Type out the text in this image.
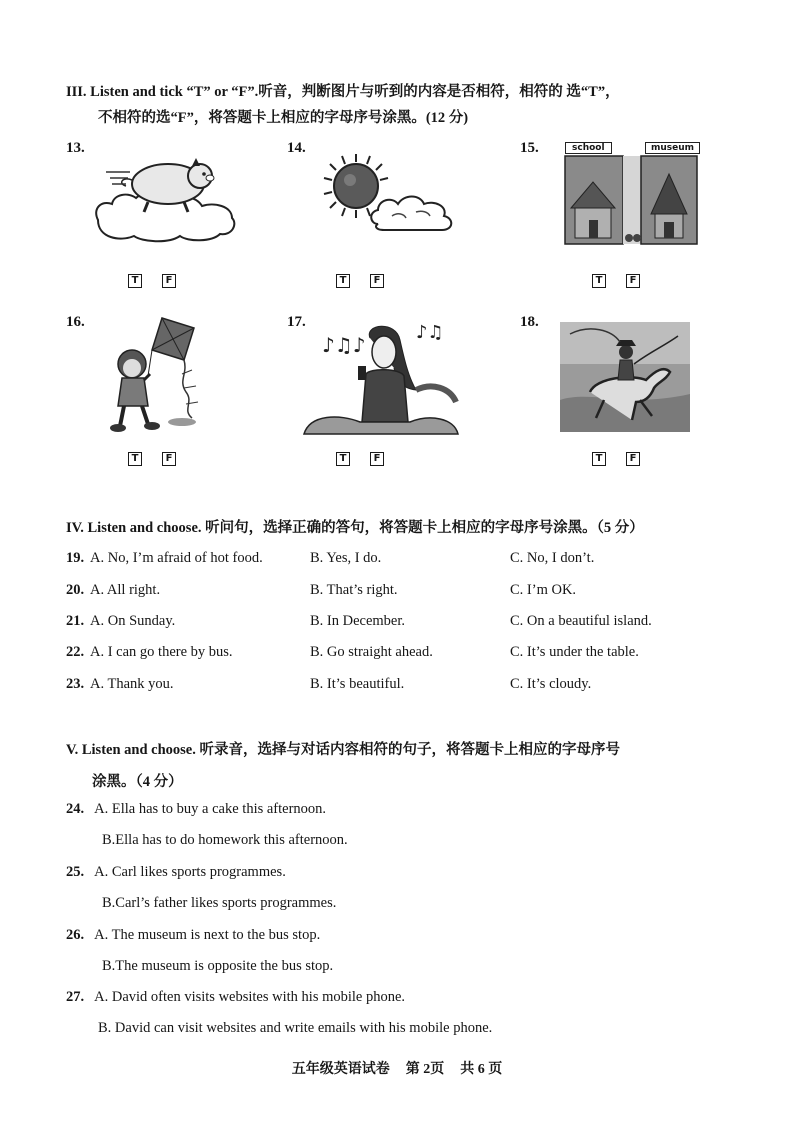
III. Listen and tick “T” or “F”.听音，判断图片与听到的内容是否相符，相符的 选“T”，
不相符的选“F”，将答题卡上相应的字母序号涂黑。(12 分)
13.	14.	15.	school	museum
T	F	T	F	T	F
16.	17.	18.
♪♫♪
♪♫
T	F	T	F	T	F
IV. Listen and choose. 听问句，选择正确的答句，将答题卡上相应的字母序号涂黑。（5 分）
19. A. No, I’m afraid of hot food.	B. Yes, I do.	C. No, I don’t.
20. A. All right.	B. That’s right.	C. I’m OK.
21. A. On Sunday.	B. In December.	C. On a beautiful island.
22. A. I can go there by bus.	B. Go straight ahead.	C. It’s under the table.
23. A. Thank you.	B. It’s beautiful.	C. It’s cloudy.
V. Listen and choose. 听录音，选择与对话内容相符的句子，将答题卡上相应的字母序号
涂黑。（4 分）
24. A. Ella has to buy a cake this afternoon.
B.Ella has to do homework this afternoon.
25. A. Carl likes sports programmes.
B.Carl’s father likes sports programmes.
26. A. The museum is next to the bus stop.
B.The museum is opposite the bus stop.
27. A. David often visits websites with his mobile phone.
B. David can visit websites and write emails with his mobile phone.
五年级英语试卷 第 2页 共 6 页
